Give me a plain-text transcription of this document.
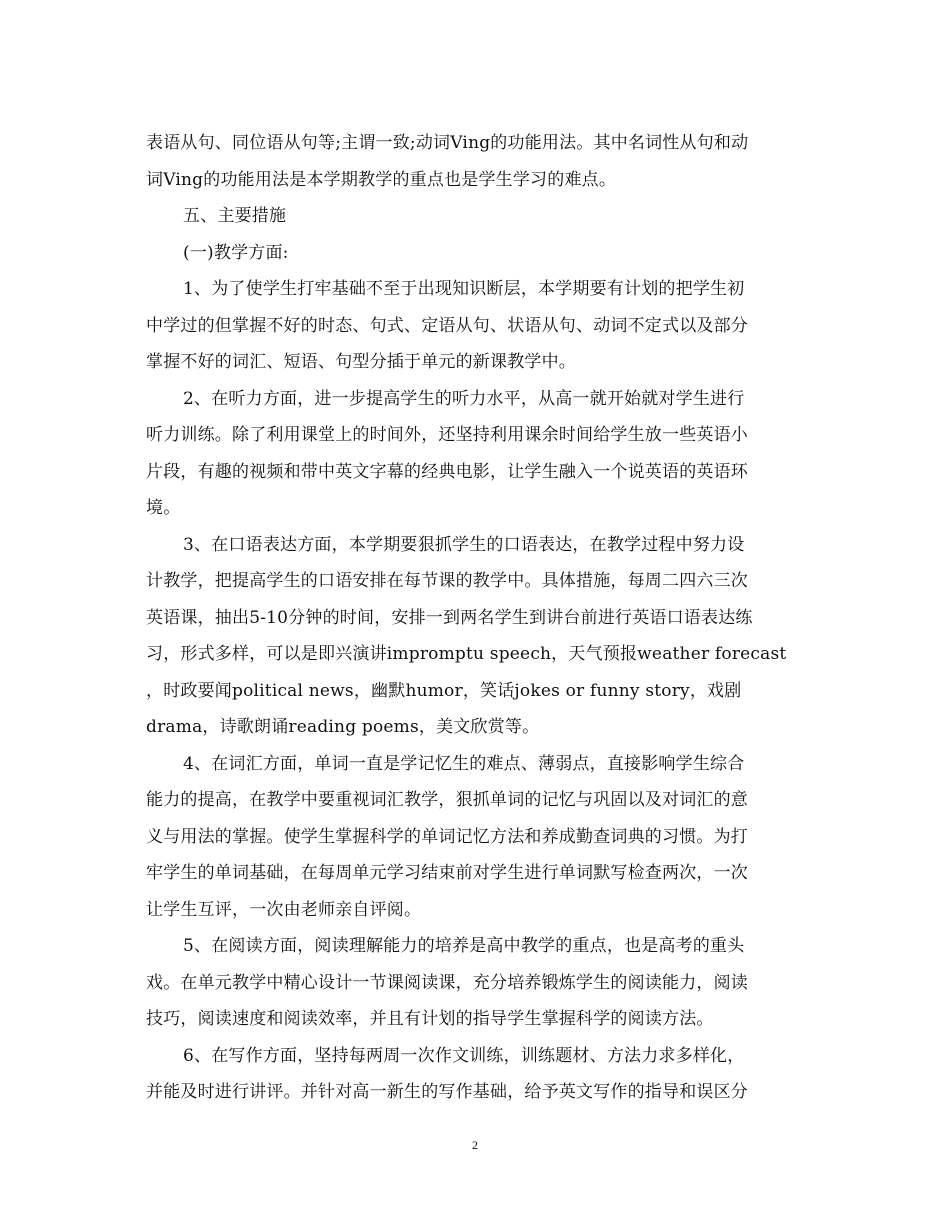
表语从句、同位语从句等;主谓一致;动词Ving的功能用法。其中名词性从句和动
词Ving的功能用法是本学期教学的重点也是学生学习的难点。
五、主要措施
(一)教学方面:
1、为了使学生打牢基础不至于出现知识断层，本学期要有计划的把学生初
中学过的但掌握不好的时态、句式、定语从句、状语从句、动词不定式以及部分
掌握不好的词汇、短语、句型分插于单元的新课教学中。
2、在听力方面，进一步提高学生的听力水平，从高一就开始就对学生进行
听力训练。除了利用课堂上的时间外，还坚持利用课余时间给学生放一些英语小
片段，有趣的视频和带中英文字幕的经典电影，让学生融入一个说英语的英语环
境。
3、在口语表达方面，本学期要狠抓学生的口语表达，在教学过程中努力设
计教学，把提高学生的口语安排在每节课的教学中。具体措施，每周二四六三次
英语课，抽出5-10分钟的时间，安排一到两名学生到讲台前进行英语口语表达练
习，形式多样，可以是即兴演讲impromptu speech，天气预报weather forecast
，时政要闻political news，幽默humor，笑话jokes or funny story，戏剧
drama，诗歌朗诵reading poems，美文欣赏等。
4、在词汇方面，单词一直是学记忆生的难点、薄弱点，直接影响学生综合
能力的提高，在教学中要重视词汇教学，狠抓单词的记忆与巩固以及对词汇的意
义与用法的掌握。使学生掌握科学的单词记忆方法和养成勤查词典的习惯。为打
牢学生的单词基础，在每周单元学习结束前对学生进行单词默写检查两次，一次
让学生互评，一次由老师亲自评阅。
5、在阅读方面，阅读理解能力的培养是高中教学的重点，也是高考的重头
戏。在单元教学中精心设计一节课阅读课，充分培养锻炼学生的阅读能力，阅读
技巧，阅读速度和阅读效率，并且有计划的指导学生掌握科学的阅读方法。
6、在写作方面，坚持每两周一次作文训练，训练题材、方法力求多样化，
并能及时进行讲评。并针对高一新生的写作基础，给予英文写作的指导和误区分
2
